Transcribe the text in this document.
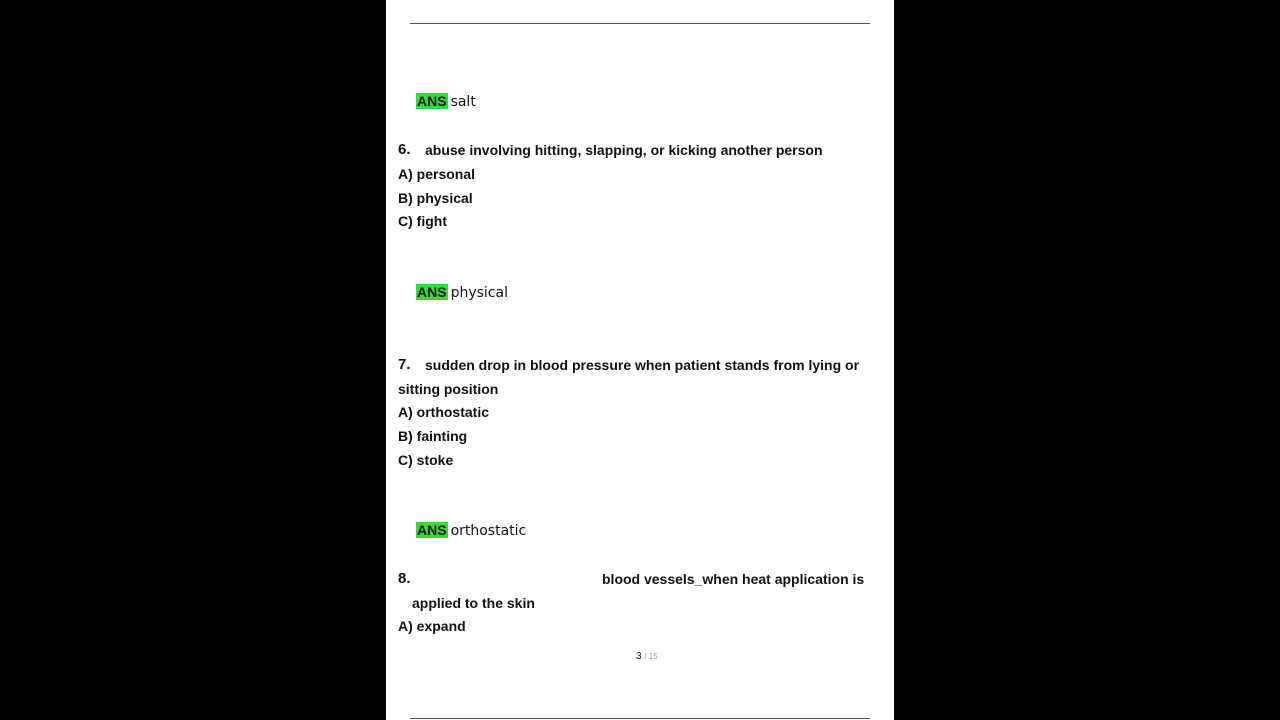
ANS salt
6. abuse involving hitting, slapping, or kicking another person
A) personal
B) physical
C) fight
ANS physical
7. sudden drop in blood pressure when patient stands from lying or
sitting position
A) orthostatic
B) fainting
C) stoke
ANS orthostatic
8.	blood vessels_when heat application is
applied to the skin
A) expand
3 / 15
